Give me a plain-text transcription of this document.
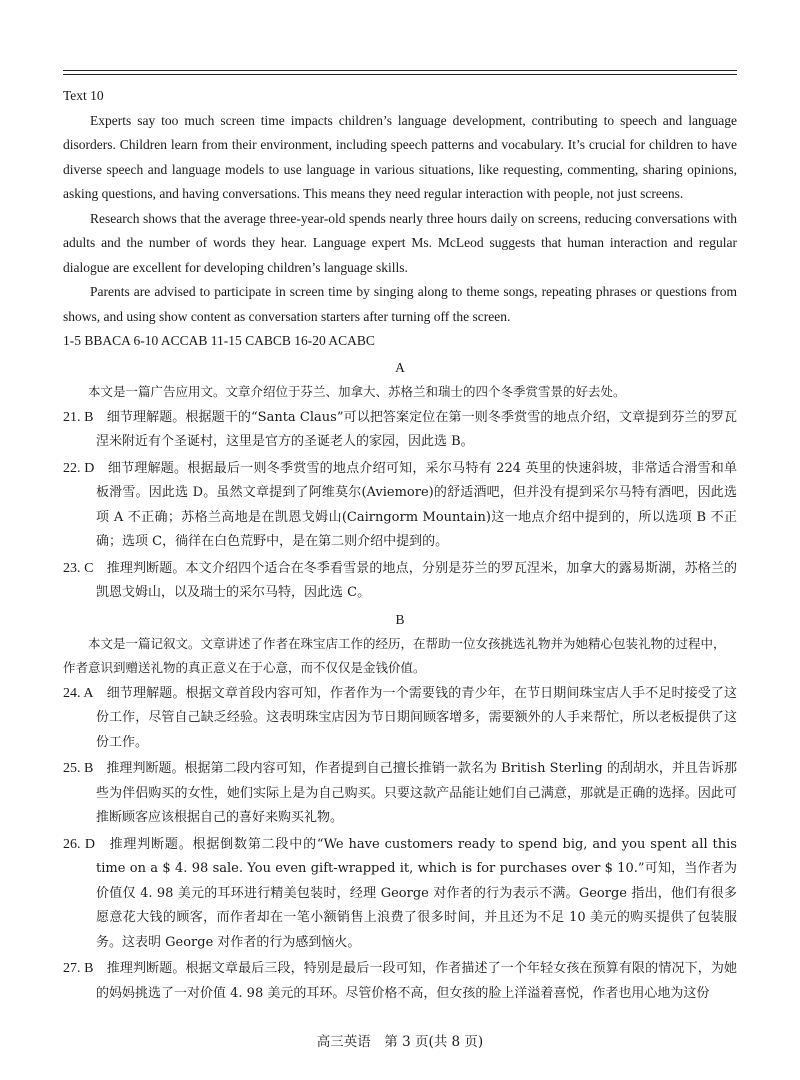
Text 10

Experts say too much screen time impacts children’s language development, contributing to speech and language disorders. Children learn from their environment, including speech patterns and vocabulary. It’s crucial for children to have diverse speech and language models to use language in various situations, like requesting, commenting, sharing opinions, asking questions, and having conversations. This means they need regular interaction with people, not just screens.

Research shows that the average three-year-old spends nearly three hours daily on screens, reducing conversations with adults and the number of words they hear. Language expert Ms. McLeod suggests that human interaction and regular dialogue are excellent for developing children’s language skills.

Parents are advised to participate in screen time by singing along to theme songs, repeating phrases or questions from shows, and using show content as conversation starters after turning off the screen.

1-5 BBACA 6-10 ACCAB 11-15 CABCB 16-20 ACABC

A

本文是一篇广告应用文。文章介绍位于芬兰、加拿大、苏格兰和瑞士的四个冬季赏雪景的好去处。

21. B　 细节理解题。根据题干的“Santa Claus”可以把答案定位在第一则冬季赏雪的地点介绍，文章提到芬兰的罗瓦涅米附近有个圣诞村，这里是官方的圣诞老人的家园，因此选 B。

22. D　 细节理解题。根据最后一则冬季赏雪的地点介绍可知，采尔马特有 224 英里的快速斜坡，非常适合滑雪和单板滑雪。因此选 D。虽然文章提到了阿维莫尔(Aviemore)的舒适酒吧，但并没有提到采尔马特有酒吧，因此选项 A 不正确；苏格兰高地是在凯恩戈姆山(Cairngorm Mountain)这一地点介绍中提到的，所以选项 B 不正确；选项 C，徜徉在白色荒野中，是在第二则介绍中提到的。

23. C　 推理判断题。本文介绍四个适合在冬季看雪景的地点，分别是芬兰的罗瓦涅米，加拿大的露易斯湖，苏格兰的凯恩戈姆山，以及瑞士的采尔马特，因此选 C。

B

本文是一篇记叙文。文章讲述了作者在珠宝店工作的经历，在帮助一位女孩挑选礼物并为她精心包装礼物的过程中，作者意识到赠送礼物的真正意义在于心意，而不仅仅是金钱价值。

24. A　 细节理解题。根据文章首段内容可知，作者作为一个需要钱的青少年，在节日期间珠宝店人手不足时接受了这份工作，尽管自己缺乏经验。这表明珠宝店因为节日期间顾客增多，需要额外的人手来帮忙，所以老板提供了这份工作。

25. B　 推理判断题。根据第二段内容可知，作者提到自己擅长推销一款名为 British Sterling 的刮胡水，并且告诉那些为伴侣购买的女性，她们实际上是为自己购买。只要这款产品能让她们自己满意，那就是正确的选择。因此可推断顾客应该根据自己的喜好来购买礼物。

26. D　 推理判断题。根据倒数第二段中的“We have customers ready to spend big, and you spent all this time on a $ 4. 98 sale. You even gift-wrapped it, which is for purchases over $ 10.”可知，当作者为价值仅 4. 98 美元的耳环进行精美包装时，经理 George 对作者的行为表示不满。George 指出，他们有很多愿意花大钱的顾客，而作者却在一笔小额销售上浪费了很多时间，并且还为不足 10 美元的购买提供了包装服务。这表明 George 对作者的行为感到恼火。

27. B　 推理判断题。根据文章最后三段，特别是最后一段可知，作者描述了一个年轻女孩在预算有限的情况下，为她的妈妈挑选了一对价值 4. 98 美元的耳环。尽管价格不高，但女孩的脸上洋溢着喜悦，作者也用心地为这份

高三英语　第 3 页(共 8 页)
